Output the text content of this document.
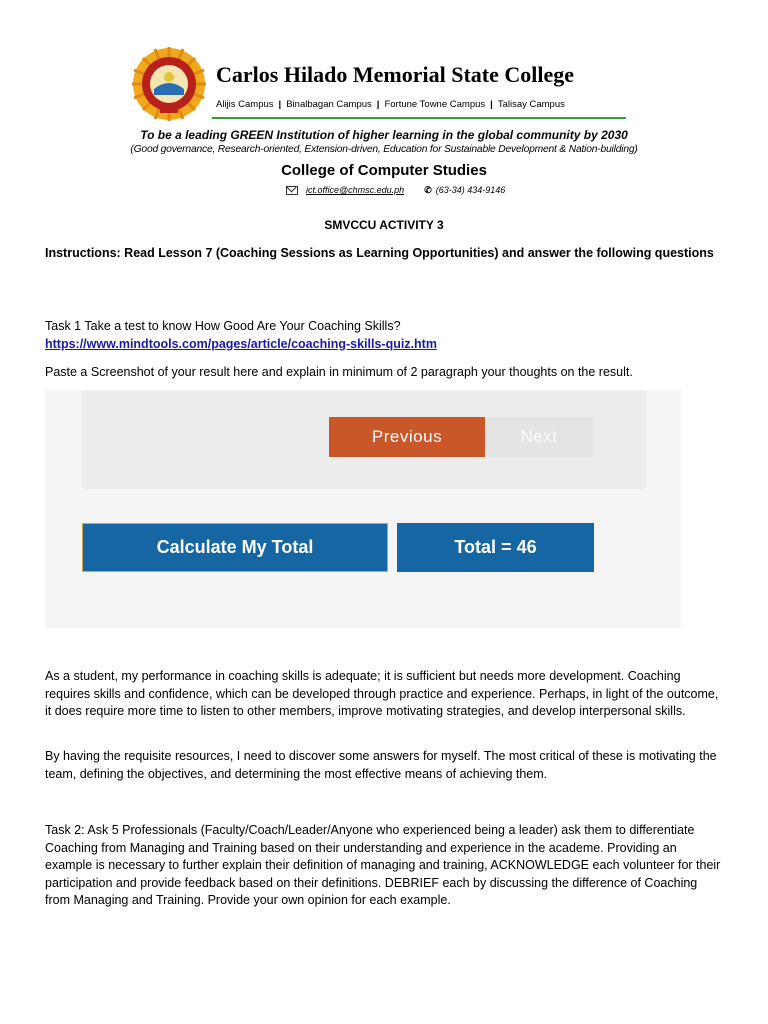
Carlos Hilado Memorial State College
Alijis Campus | Binalbagan Campus | Fortune Towne Campus | Talisay Campus
To be a leading GREEN Institution of higher learning in the global community by 2030
(Good governance, Research-oriented, Extension-driven, Education for Sustainable Development & Nation-building)
College of Computer Studies
ict.office@chmsc.edu.ph ✆ (63-34) 434-9146
SMVCCU ACTIVITY 3
Instructions: Read Lesson 7 (Coaching Sessions as Learning Opportunities) and answer the following questions
Task 1 Take a test to know How Good Are Your Coaching Skills?
https://www.mindtools.com/pages/article/coaching-skills-quiz.htm
Paste a Screenshot of your result here and explain in minimum of 2 paragraph your thoughts on the result.
Previous	Next
Calculate My Total	Total = 46
As a student, my performance in coaching skills is adequate; it is sufficient but needs more development. Coaching requires skills and confidence, which can be developed through practice and experience. Perhaps, in light of the outcome, it does require more time to listen to other members, improve motivating strategies, and develop interpersonal skills.
By having the requisite resources, I need to discover some answers for myself. The most critical of these is motivating the team, defining the objectives, and determining the most effective means of achieving them.
Task 2: Ask 5 Professionals (Faculty/Coach/Leader/Anyone who experienced being a leader) ask them to differentiate Coaching from Managing and Training based on their understanding and experience in the academe. Providing an example is necessary to further explain their definition of managing and training, ACKNOWLEDGE each volunteer for their participation and provide feedback based on their definitions. DEBRIEF each by discussing the difference of Coaching from Managing and Training. Provide your own opinion for each example.
